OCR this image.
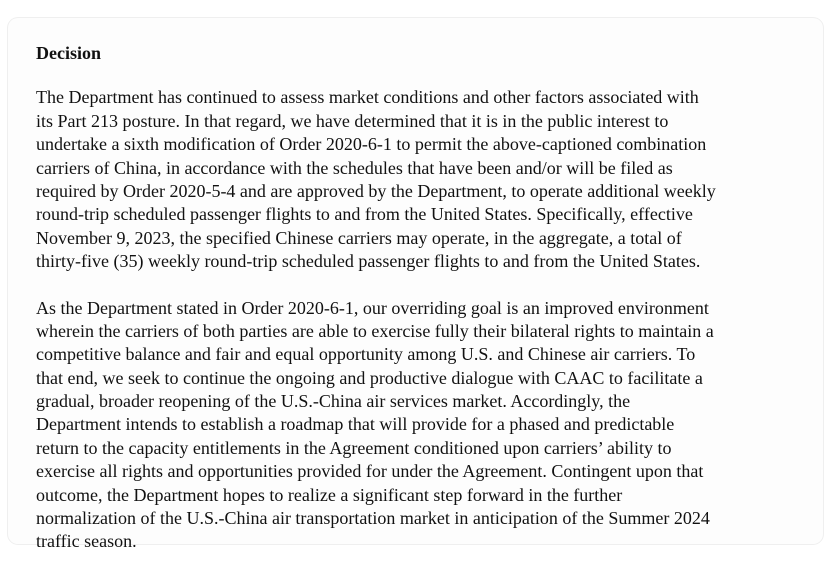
Decision
The Department has continued to assess market conditions and other factors associated with
its Part 213 posture. In that regard, we have determined that it is in the public interest to
undertake a sixth modification of Order 2020-6-1 to permit the above-captioned combination
carriers of China, in accordance with the schedules that have been and/or will be filed as
required by Order 2020-5-4 and are approved by the Department, to operate additional weekly
round-trip scheduled passenger flights to and from the United States. Specifically, effective
November 9, 2023, the specified Chinese carriers may operate, in the aggregate, a total of
thirty-five (35) weekly round-trip scheduled passenger flights to and from the United States.
As the Department stated in Order 2020-6-1, our overriding goal is an improved environment
wherein the carriers of both parties are able to exercise fully their bilateral rights to maintain a
competitive balance and fair and equal opportunity among U.S. and Chinese air carriers. To
that end, we seek to continue the ongoing and productive dialogue with CAAC to facilitate a
gradual, broader reopening of the U.S.-China air services market. Accordingly, the
Department intends to establish a roadmap that will provide for a phased and predictable
return to the capacity entitlements in the Agreement conditioned upon carriers’ ability to
exercise all rights and opportunities provided for under the Agreement. Contingent upon that
outcome, the Department hopes to realize a significant step forward in the further
normalization of the U.S.-China air transportation market in anticipation of the Summer 2024
traffic season.
